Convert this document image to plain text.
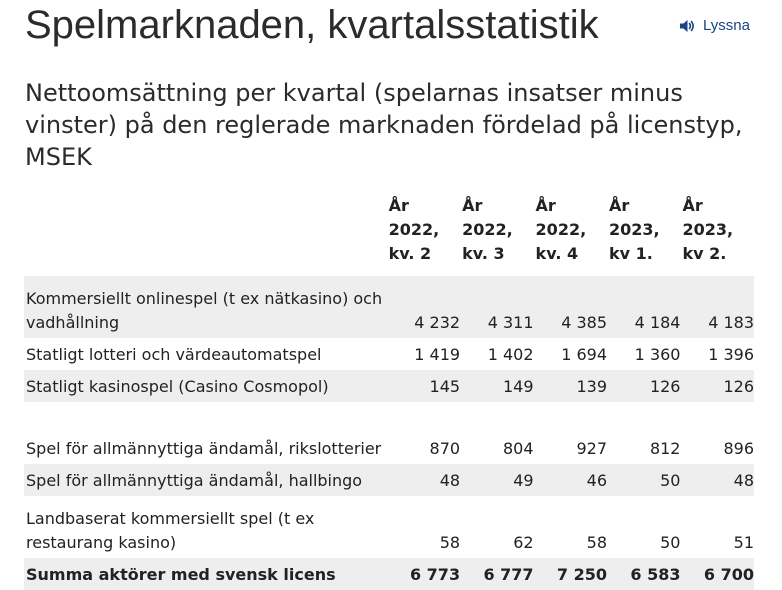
Spelmarknaden, kvartalsstatistik	Lyssna
Nettoomsättning per kvartal (spelarnas insatser minus vinster) på den reglerade marknaden fördelad på licenstyp, MSEK

	År
2022,
kv. 2	År
2022,
kv. 3	År
2022,
kv. 4	År
2023,
kv 1.	År
2023,
kv 2.

Kommersiellt onlinespel (t ex nätkasino) och vadhållning	4 232	4 311	4 385	4 184	4 183
Statligt lotteri och värdeautomatspel	1 419	1 402	1 694	1 360	1 396
Statligt kasinospel (Casino Cosmopol)	145	149	139	126	126
Spel för allmännyttiga ändamål, rikslotterier	870	804	927	812	896
Spel för allmännyttiga ändamål, hallbingo	48	49	46	50	48
Landbaserat kommersiellt spel (t ex restaurang kasino)	58	62	58	50	51
Summa aktörer med svensk licens	6 773	6 777	7 250	6 583	6 700
